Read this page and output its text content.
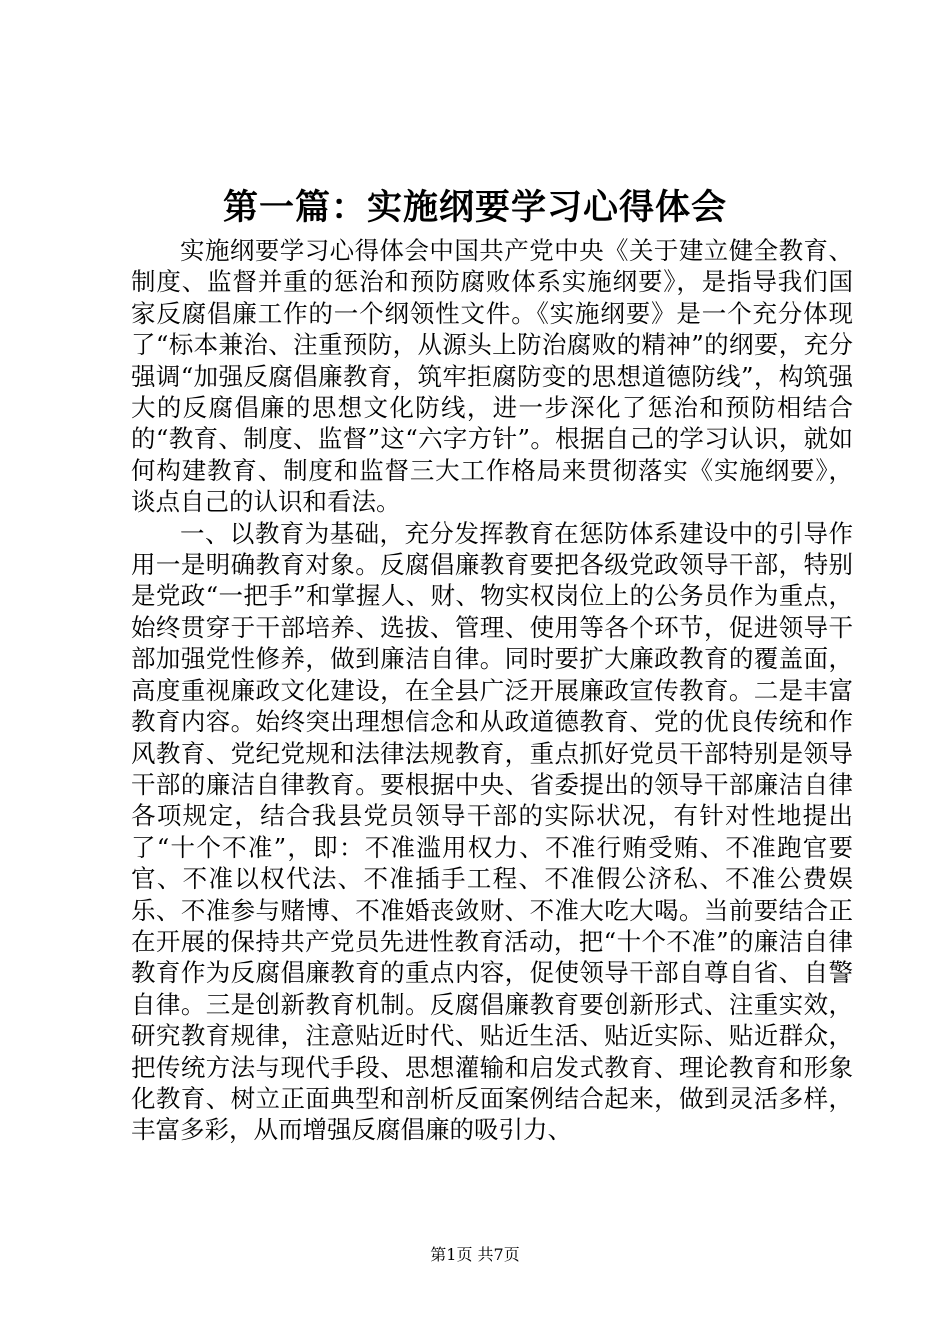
第一篇：实施纲要学习心得体会

实施纲要学习心得体会中国共产党中央《关于建立健全教育、制度、监督并重的惩治和预防腐败体系实施纲要》，是指导我们国家反腐倡廉工作的一个纲领性文件。《实施纲要》是一个充分体现了“标本兼治、注重预防，从源头上防治腐败的精神”的纲要，充分强调“加强反腐倡廉教育，筑牢拒腐防变的思想道德防线”，构筑强大的反腐倡廉的思想文化防线，进一步深化了惩治和预防相结合的“教育、制度、监督”这“六字方针”。根据自己的学习认识，就如何构建教育、制度和监督三大工作格局来贯彻落实《实施纲要》，谈点自己的认识和看法。

一、以教育为基础，充分发挥教育在惩防体系建设中的引导作用一是明确教育对象。反腐倡廉教育要把各级党政领导干部，特别是党政“一把手”和掌握人、财、物实权岗位上的公务员作为重点，始终贯穿于干部培养、选拔、管理、使用等各个环节，促进领导干部加强党性修养，做到廉洁自律。同时要扩大廉政教育的覆盖面，高度重视廉政文化建设，在全县广泛开展廉政宣传教育。二是丰富教育内容。始终突出理想信念和从政道德教育、党的优良传统和作风教育、党纪党规和法律法规教育，重点抓好党员干部特别是领导干部的廉洁自律教育。要根据中央、省委提出的领导干部廉洁自律各项规定，结合我县党员领导干部的实际状况，有针对性地提出了“十个不准”，即：不准滥用权力、不准行贿受贿、不准跑官要官、不准以权代法、不准插手工程、不准假公济私、不准公费娱乐、不准参与赌博、不准婚丧敛财、不准大吃大喝。当前要结合正在开展的保持共产党员先进性教育活动，把“十个不准”的廉洁自律教育作为反腐倡廉教育的重点内容，促使领导干部自尊自省、自警自律。三是创新教育机制。反腐倡廉教育要创新形式、注重实效，研究教育规律，注意贴近时代、贴近生活、贴近实际、贴近群众，把传统方法与现代手段、思想灌输和启发式教育、理论教育和形象化教育、树立正面典型和剖析反面案例结合起来，做到灵活多样，丰富多彩，从而增强反腐倡廉的吸引力、

第1页 共7页
